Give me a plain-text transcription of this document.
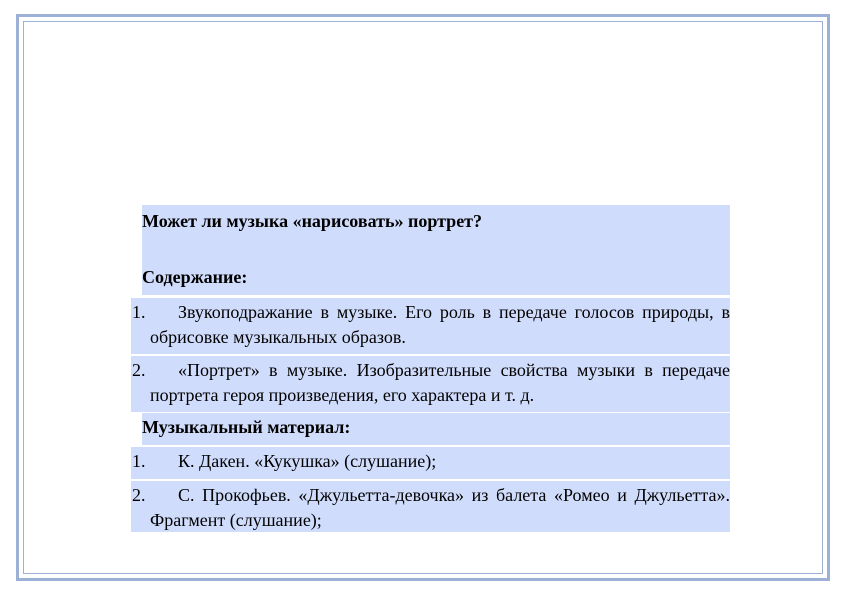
Может ли музыка «нарисовать» портрет?
Содержание:
1. Звукоподражание в музыке. Его роль в передаче голосов природы, в обрисовке музыкальных образов.
2. «Портрет» в музыке. Изобразительные свойства музыки в передаче портрета героя произведения, его характера и т. д.
Музыкальный материал:
1. К. Дакен. «Кукушка» (слушание);
2. С. Прокофьев. «Джульетта-девочка» из балета «Ромео и Джульетта». Фрагмент (слушание);
